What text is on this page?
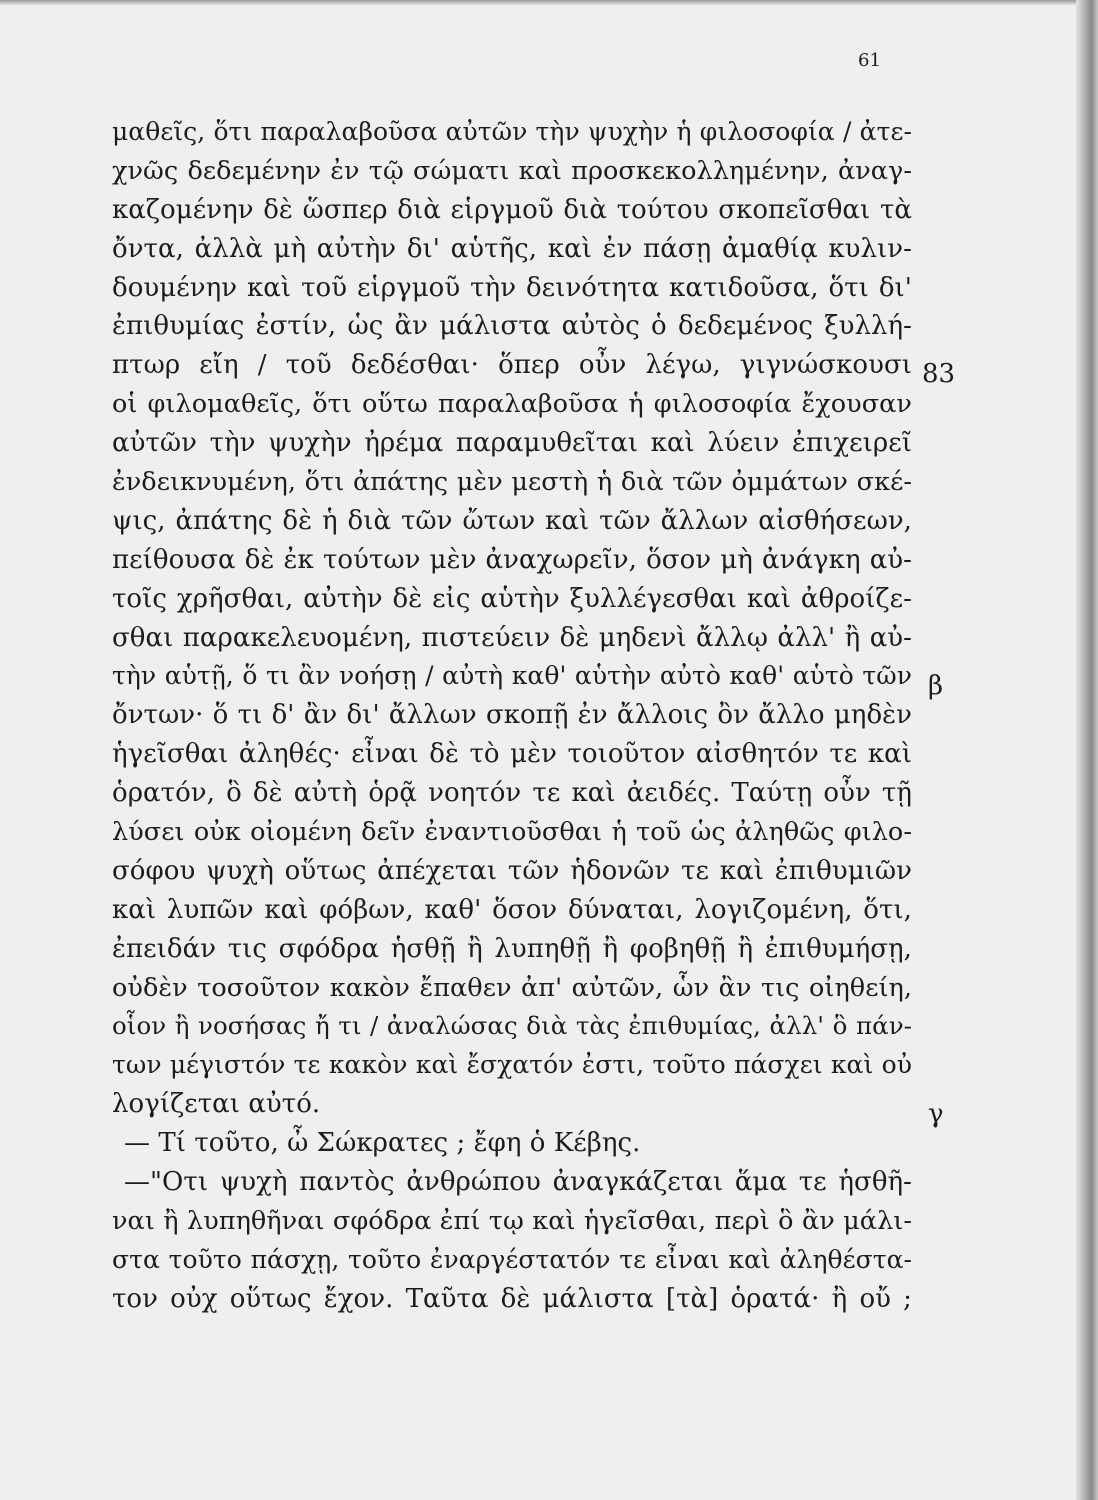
61
μαθεῖς, ὅτι παραλαβοῦσα αὐτῶν τὴν ψυχὴν ἡ φιλοσοφία / ἀτε-
χνῶς δεδεμένην ἐν τῷ σώματι καὶ προσκεκολλημένην, ἀναγ-
καζομένην δὲ ὥσπερ διὰ εἱργμοῦ διὰ τούτου σκοπεῖσθαι τὰ
ὄντα, ἀλλὰ μὴ αὐτὴν δι' αὑτῆς, καὶ ἐν πάσῃ ἀμαθίᾳ κυλιν-
δουμένην καὶ τοῦ εἱργμοῦ τὴν δεινότητα κατιδοῦσα, ὅτι δι'
ἐπιθυμίας ἐστίν, ὡς ἂν μάλιστα αὐτὸς ὁ δεδεμένος ξυλλή-
πτωρ εἴη / τοῦ δεδέσθαι· ὅπερ οὖν λέγω, γιγνώσκουσι
οἱ φιλομαθεῖς, ὅτι οὕτω παραλαβοῦσα ἡ φιλοσοφία ἔχουσαν
αὐτῶν τὴν ψυχὴν ἠρέμα παραμυθεῖται καὶ λύειν ἐπιχειρεῖ
ἐνδεικνυμένη, ὅτι ἀπάτης μὲν μεστὴ ἡ διὰ τῶν ὀμμάτων σκέ-
ψις, ἀπάτης δὲ ἡ διὰ τῶν ὤτων καὶ τῶν ἄλλων αἰσθήσεων,
πείθουσα δὲ ἐκ τούτων μὲν ἀναχωρεῖν, ὅσον μὴ ἀνάγκη αὐ-
τοῖς χρῆσθαι, αὐτὴν δὲ εἰς αὑτὴν ξυλλέγεσθαι καὶ ἀθροίζε-
σθαι παρακελευομένη, πιστεύειν δὲ μηδενὶ ἄλλῳ ἀλλ' ἢ αὐ-
τὴν αὑτῇ, ὅ τι ἂν νοήσῃ / αὐτὴ καθ' αὑτὴν αὐτὸ καθ' αὑτὸ τῶν
ὄντων· ὅ τι δ' ἂν δι' ἄλλων σκοπῇ ἐν ἄλλοις ὂν ἄλλο μηδὲν
ἡγεῖσθαι ἀληθές· εἶναι δὲ τὸ μὲν τοιοῦτον αἰσθητόν τε καὶ
ὁρατόν, ὃ δὲ αὐτὴ ὁρᾷ νοητόν τε καὶ ἀειδές. Ταύτῃ οὖν τῇ
λύσει οὐκ οἰομένη δεῖν ἐναντιοῦσθαι ἡ τοῦ ὡς ἀληθῶς φιλο-
σόφου ψυχὴ οὕτως ἀπέχεται τῶν ἡδονῶν τε καὶ ἐπιθυμιῶν
καὶ λυπῶν καὶ φόβων, καθ' ὅσον δύναται, λογιζομένη, ὅτι,
ἐπειδάν τις σφόδρα ἡσθῇ ἢ λυπηθῇ ἢ φοβηθῇ ἢ ἐπιθυμήσῃ,
οὐδὲν τοσοῦτον κακὸν ἔπαθεν ἀπ' αὐτῶν, ὧν ἂν τις οἰηθείη,
οἷον ἢ νοσήσας ἤ τι / ἀναλώσας διὰ τὰς ἐπιθυμίας, ἀλλ' ὃ πάν-
των μέγιστόν τε κακὸν καὶ ἔσχατόν ἐστι, τοῦτο πάσχει καὶ οὐ
λογίζεται αὐτό.
— Τί τοῦτο, ὦ Σώκρατες ; ἔφη ὁ Κέβης.
—"Οτι ψυχὴ παντὸς ἀνθρώπου ἀναγκάζεται ἅμα τε ἡσθῆ-
ναι ἢ λυπηθῆναι σφόδρα ἐπί τῳ καὶ ἡγεῖσθαι, περὶ ὃ ἂν μάλι-
στα τοῦτο πάσχῃ, τοῦτο ἐναργέστατόν τε εἶναι καὶ ἀληθέστα-
τον οὐχ οὕτως ἔχον. Ταῦτα δὲ μάλιστα [τὰ] ὁρατά· ἢ οὔ ;
83
β
γ
